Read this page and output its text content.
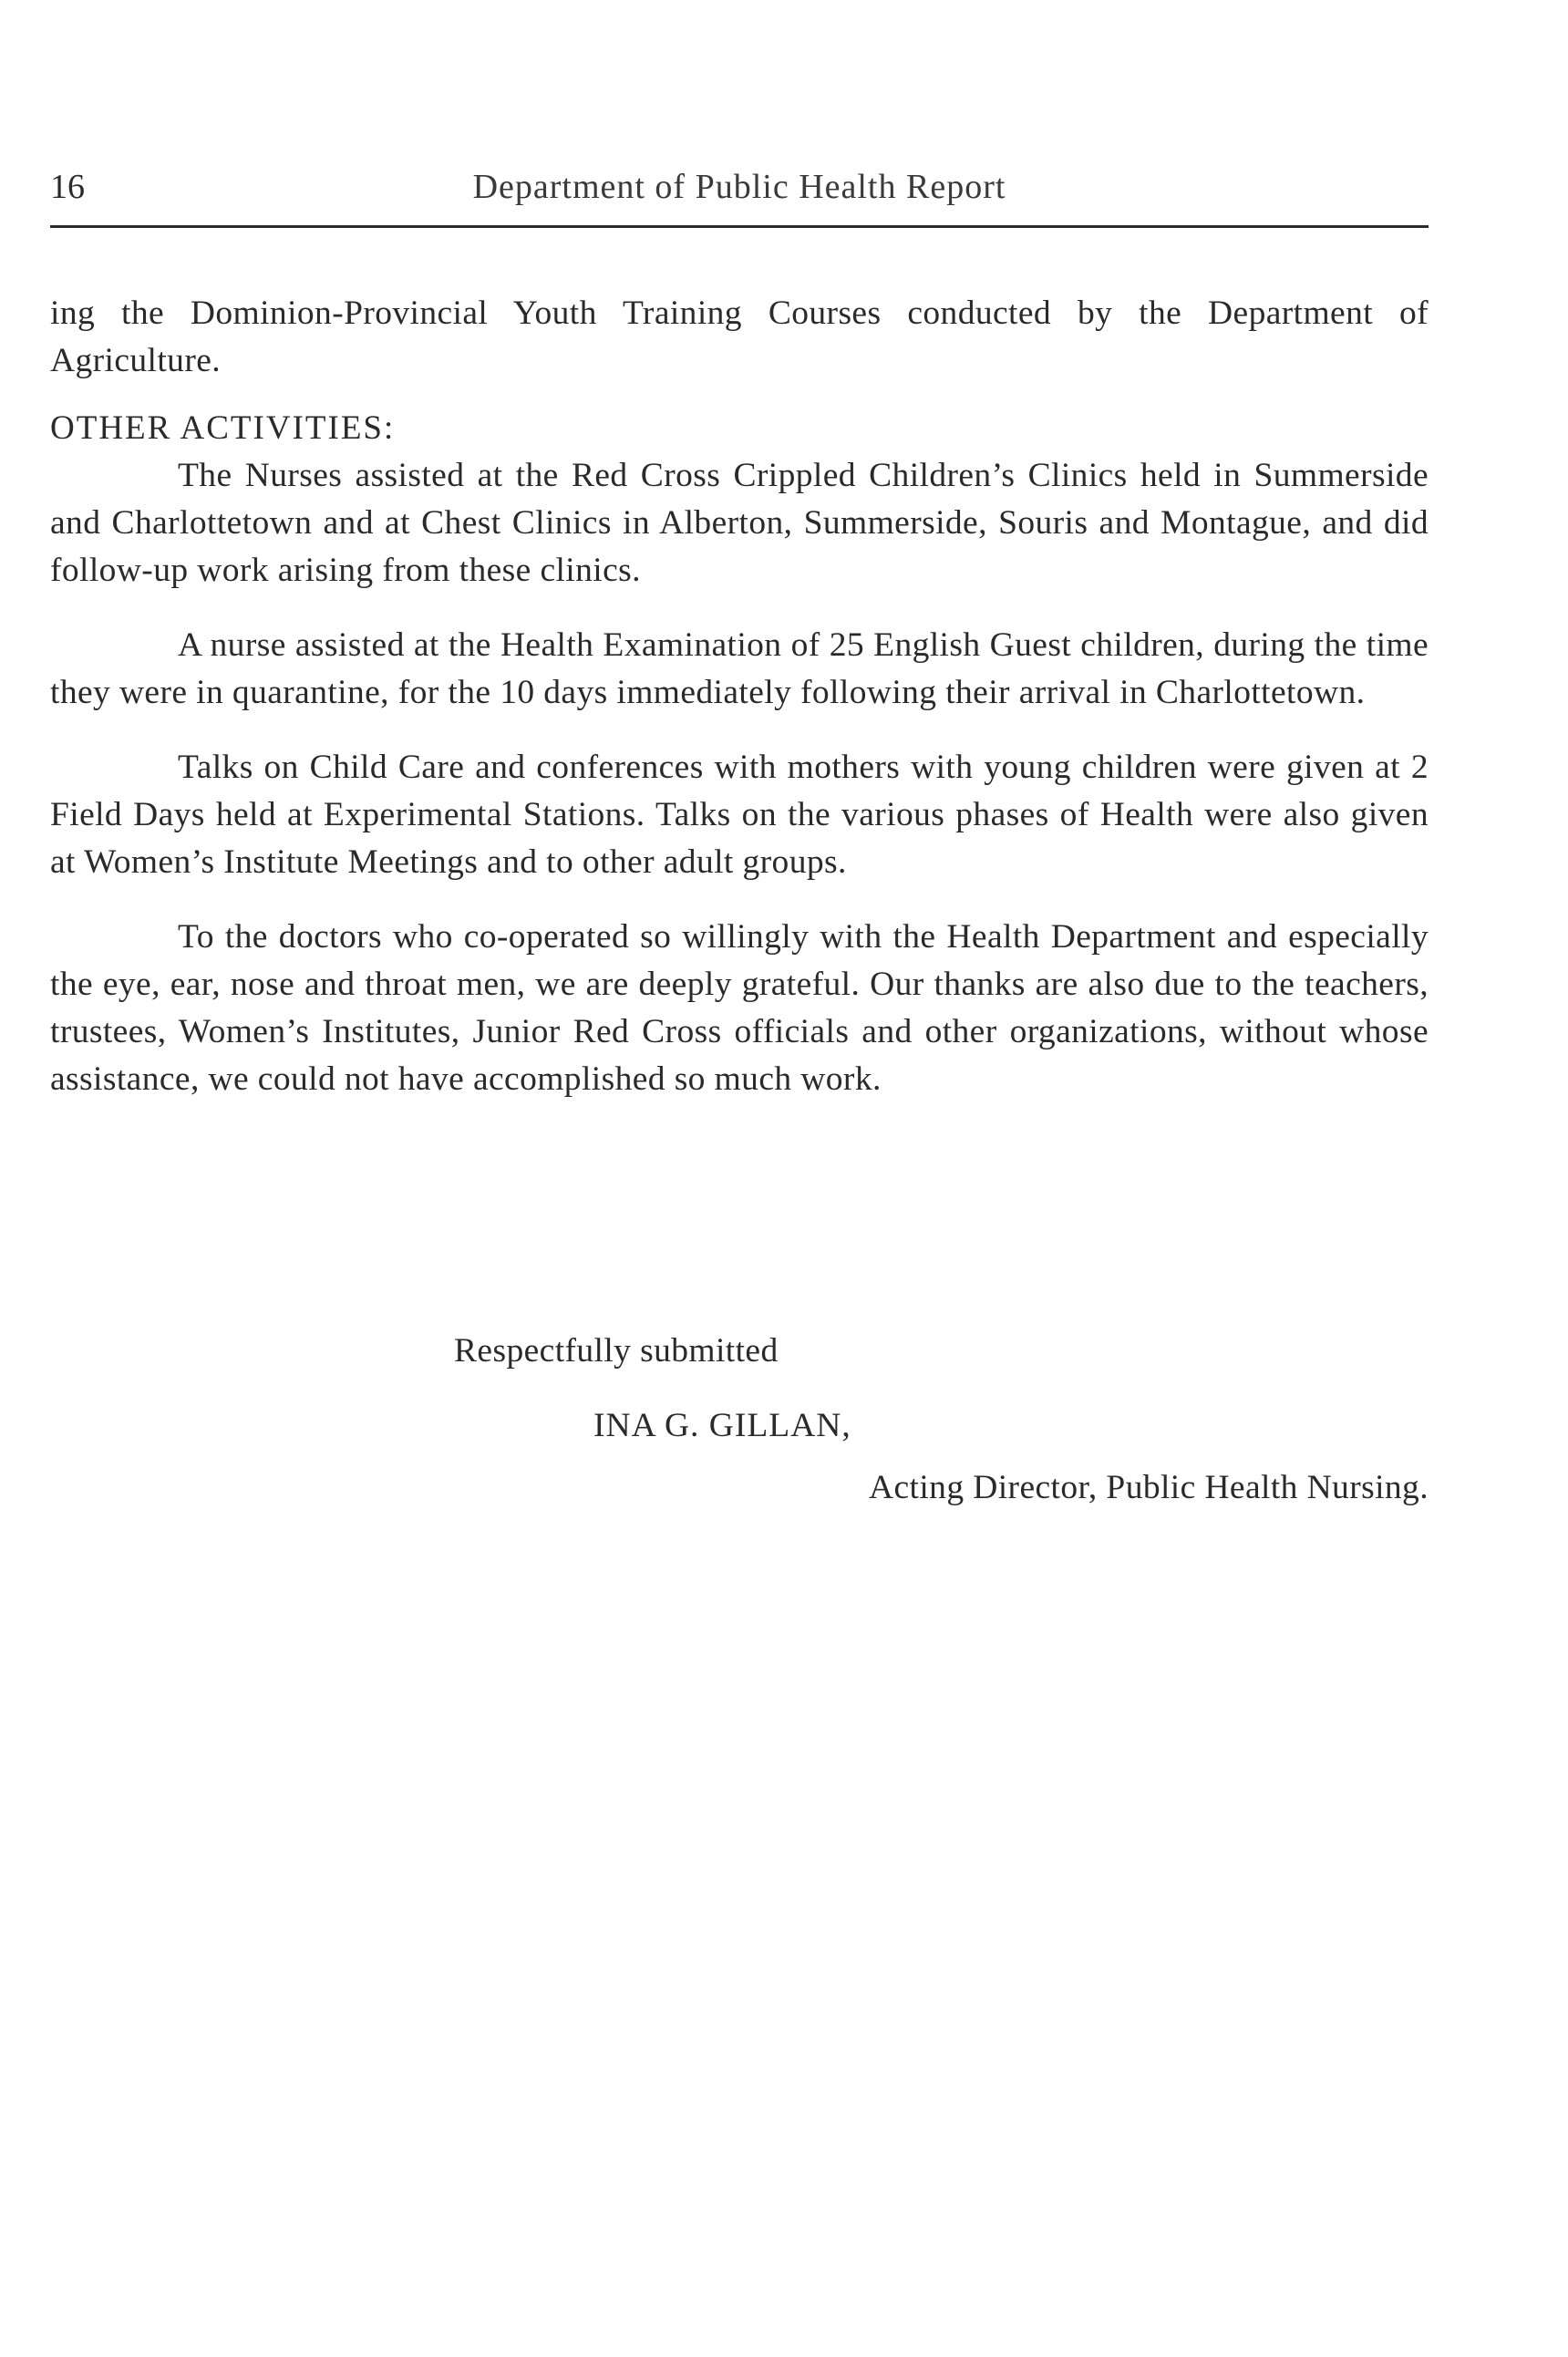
16	Department of Public Health Report

ing the Dominion-Provincial Youth Training Courses conducted by the Department of Agriculture.

OTHER ACTIVITIES:

The Nurses assisted at the Red Cross Crippled Children’s Clinics held in Summerside and Charlottetown and at Chest Clinics in Alberton, Summerside, Souris and Montague, and did follow-up work arising from these clinics.

A nurse assisted at the Health Examination of 25 English Guest children, during the time they were in quarantine, for the 10 days immediately following their arrival in Charlottetown.

Talks on Child Care and conferences with mothers with young children were given at 2 Field Days held at Experimental Stations. Talks on the various phases of Health were also given at Women’s Institute Meetings and to other adult groups.

To the doctors who co-operated so willingly with the Health Department and especially the eye, ear, nose and throat men, we are deeply grateful. Our thanks are also due to the teachers, trustees, Women’s Institutes, Junior Red Cross officials and other organizations, without whose assistance, we could not have accomplished so much work.

Respectfully submitted
INA G. GILLAN,
Acting Director, Public Health Nursing.
